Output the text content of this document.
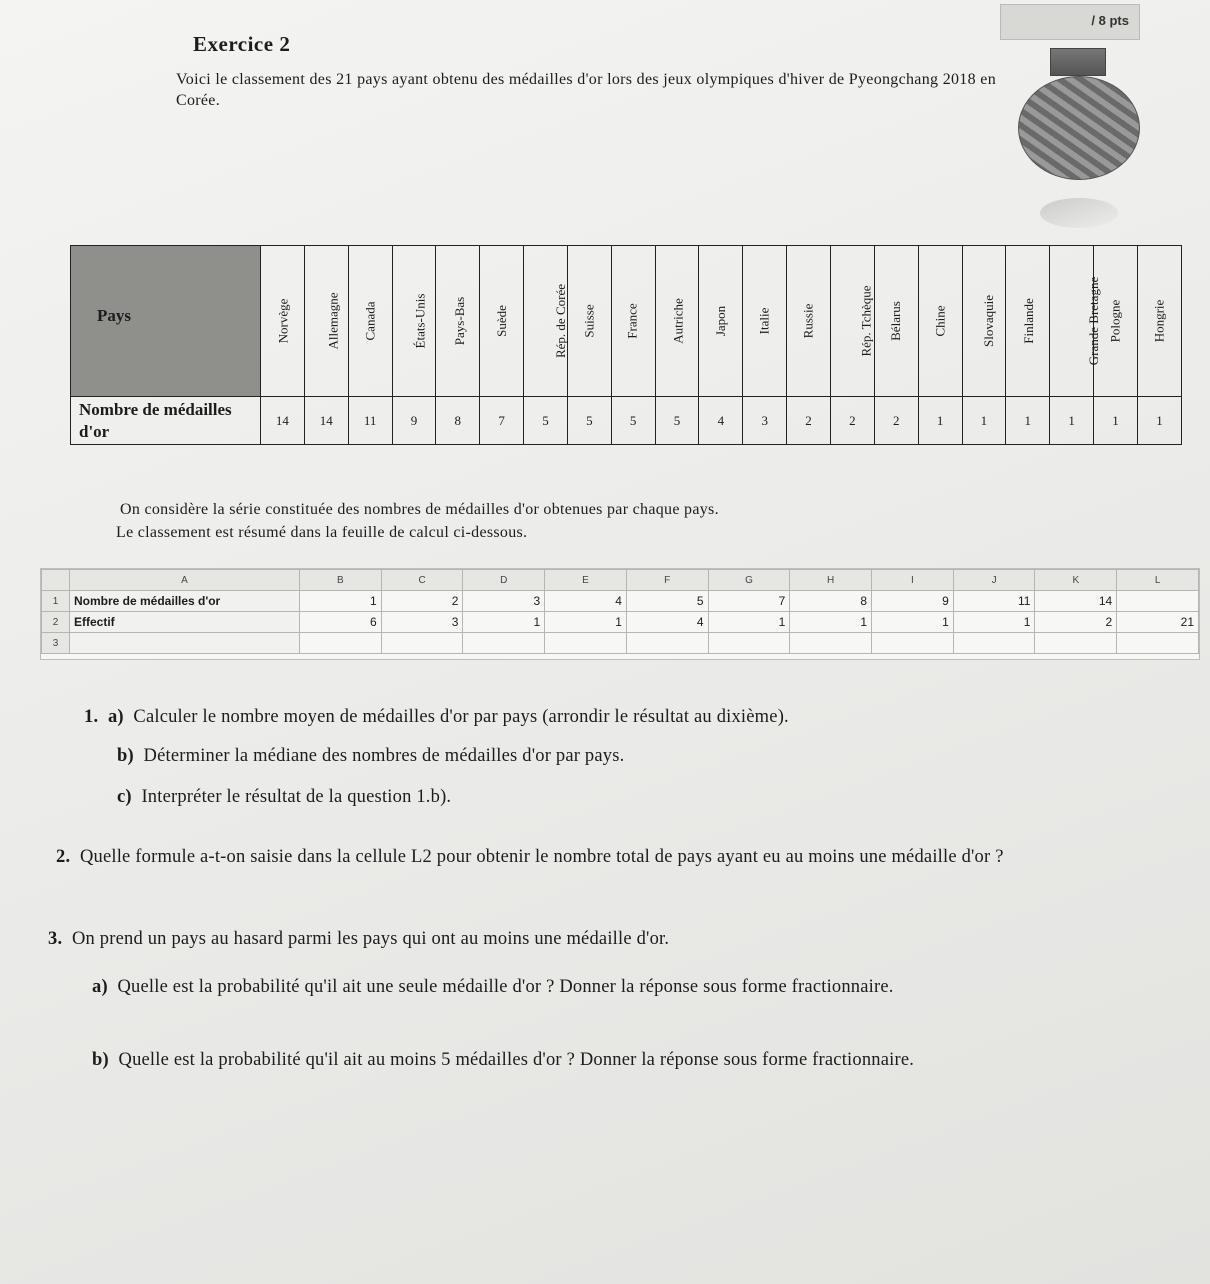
/ 8 pts
Exercice 2
Voici le classement des 21 pays ayant obtenu des médailles d'or lors des jeux olympiques d'hiver de Pyeongchang 2018 en Corée.
Pays	Norvège	Allemagne	Canada	États-Unis	Pays-Bas	Suède	Rép. de Corée	Suisse	France	Autriche	Japon	Italie	Russie	Rép. Tchèque	Bélarus	Chine	Slovaquie	Finlande	Grande Bretagne	Pologne	Hongrie
Nombre de médailles d'or	14	14	11	9	8	7	5	5	5	5	4	3	2	2	2	1	1	1	1	1	1
On considère la série constituée des nombres de médailles d'or obtenues par chaque pays.
Le classement est résumé dans la feuille de calcul ci-dessous.
	A	B	C	D	E	F	G	H	I	J	K	L
1	Nombre de médailles d'or	1	2	3	4	5	7	8	9	11	14	
2	Effectif	6	3	1	1	4	1	1	1	1	2	21
3												
1. a) Calculer le nombre moyen de médailles d'or par pays (arrondir le résultat au dixième).
b) Déterminer la médiane des nombres de médailles d'or par pays.
c) Interpréter le résultat de la question 1.b).
2. Quelle formule a-t-on saisie dans la cellule L2 pour obtenir le nombre total de pays ayant eu au moins une médaille d'or ?
3. On prend un pays au hasard parmi les pays qui ont au moins une médaille d'or.
a) Quelle est la probabilité qu'il ait une seule médaille d'or ? Donner la réponse sous forme fractionnaire.
b) Quelle est la probabilité qu'il ait au moins 5 médailles d'or ? Donner la réponse sous forme fractionnaire.
